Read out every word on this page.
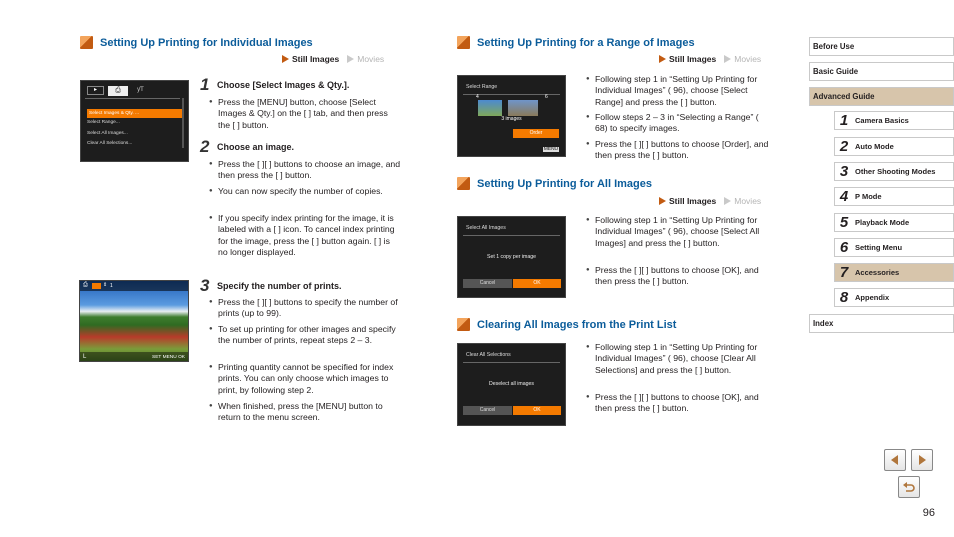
Setting Up Printing for Individual Images
Still Images Movies
▸	⎙	ƴT
Select Images & Qty. ...
Select Range...
Select All Images...
Clear All Selections...
⎙	⇕ 1
L	SET MENU OK
1 Choose [Select Images & Qty.].
● Press the [MENU] button, choose [Select Images & Qty.] on the [ ] tab, and then press the [ ] button.
2 Choose an image.
● Press the [ ][ ] buttons to choose an image, and then press the [ ] button.
● You can now specify the number of copies.
● If you specify index printing for the image, it is labeled with a [ ] icon. To cancel index printing for the image, press the [ ] button again. [ ] is no longer displayed.
3 Specify the number of prints.
● Press the [ ][ ] buttons to specify the number of prints (up to 99).
● To set up printing for other images and specify the number of prints, repeat steps 2 – 3.
● Printing quantity cannot be specified for index prints. You can only choose which images to print, by following step 2.
● When finished, press the [MENU] button to return to the menu screen.
Setting Up Printing for a Range of Images
Still Images Movies
Select Range
4	6
3 images
Order
MENU
● Following step 1 in “Setting Up Printing for Individual Images” ( 96), choose [Select Range] and press the [ ] button.
● Follow steps 2 – 3 in “Selecting a Range” ( 68) to specify images.
● Press the [ ][ ] buttons to choose [Order], and then press the [ ] button.
Setting Up Printing for All Images
Still Images Movies
Select All Images
Set 1 copy per image
Cancel	OK
● Following step 1 in “Setting Up Printing for Individual Images” ( 96), choose [Select All Images] and press the [ ] button.
● Press the [ ][ ] buttons to choose [OK], and then press the [ ] button.
Clearing All Images from the Print List
Clear All Selections
Deselect all images
Cancel	OK
● Following step 1 in “Setting Up Printing for Individual Images” ( 96), choose [Clear All Selections] and press the [ ] button.
● Press the [ ][ ] buttons to choose [OK], and then press the [ ] button.
Before Use
Basic Guide
Advanced Guide
1 Camera Basics
2 Auto Mode
3 Other Shooting Modes
4 P Mode
5 Playback Mode
6 Setting Menu
7 Accessories
8 Appendix
Index
96
